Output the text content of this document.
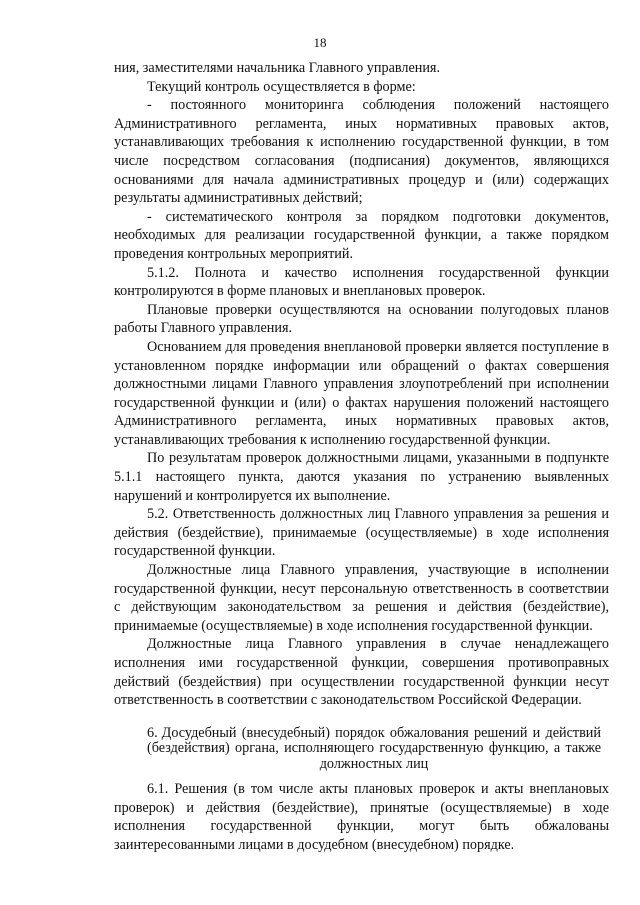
18

ния, заместителями начальника Главного управления.

Текущий контроль осуществляется в форме:

- постоянного мониторинга соблюдения положений настоящего Административного регламента, иных нормативных правовых актов, устанавливающих требования к исполнению государственной функции, в том числе посредством согласования (подписания) документов, являющихся основаниями для начала административных процедур и (или) содержащих результаты административных действий;

- систематического контроля за порядком подготовки документов, необходимых для реализации государственной функции, а также порядком проведения контрольных мероприятий.

5.1.2. Полнота и качество исполнения государственной функции контролируются в форме плановых и внеплановых проверок.

Плановые проверки осуществляются на основании полугодовых планов работы Главного управления.

Основанием для проведения внеплановой проверки является поступление в установленном порядке информации или обращений о фактах совершения должностными лицами Главного управления злоупотреблений при исполнении государственной функции и (или) о фактах нарушения положений настоящего Административного регламента, иных нормативных правовых актов, устанавливающих требования к исполнению государственной функции.

По результатам проверок должностными лицами, указанными в подпункте 5.1.1 настоящего пункта, даются указания по устранению выявленных нарушений и контролируется их выполнение.

5.2. Ответственность должностных лиц Главного управления за решения и действия (бездействие), принимаемые (осуществляемые) в ходе исполнения государственной функции.

Должностные лица Главного управления, участвующие в исполнении государственной функции, несут персональную ответственность в соответствии с действующим законодательством за решения и действия (бездействие), принимаемые (осуществляемые) в ходе исполнения государственной функции.

Должностные лица Главного управления в случае ненадлежащего исполнения ими государственной функции, совершения противоправных действий (бездействия) при осуществлении государственной функции несут ответственность в соответствии с законодательством Российской Федерации.

6. Досудебный (внесудебный) порядок обжалования решений и действий (бездействия) органа, исполняющего государственную функцию, а также должностных лиц

6.1. Решения (в том числе акты плановых проверок и акты внеплановых проверок) и действия (бездействие), принятые (осуществляемые) в ходе исполнения государственной функции, могут быть обжалованы заинтересованными лицами в досудебном (внесудебном) порядке.
